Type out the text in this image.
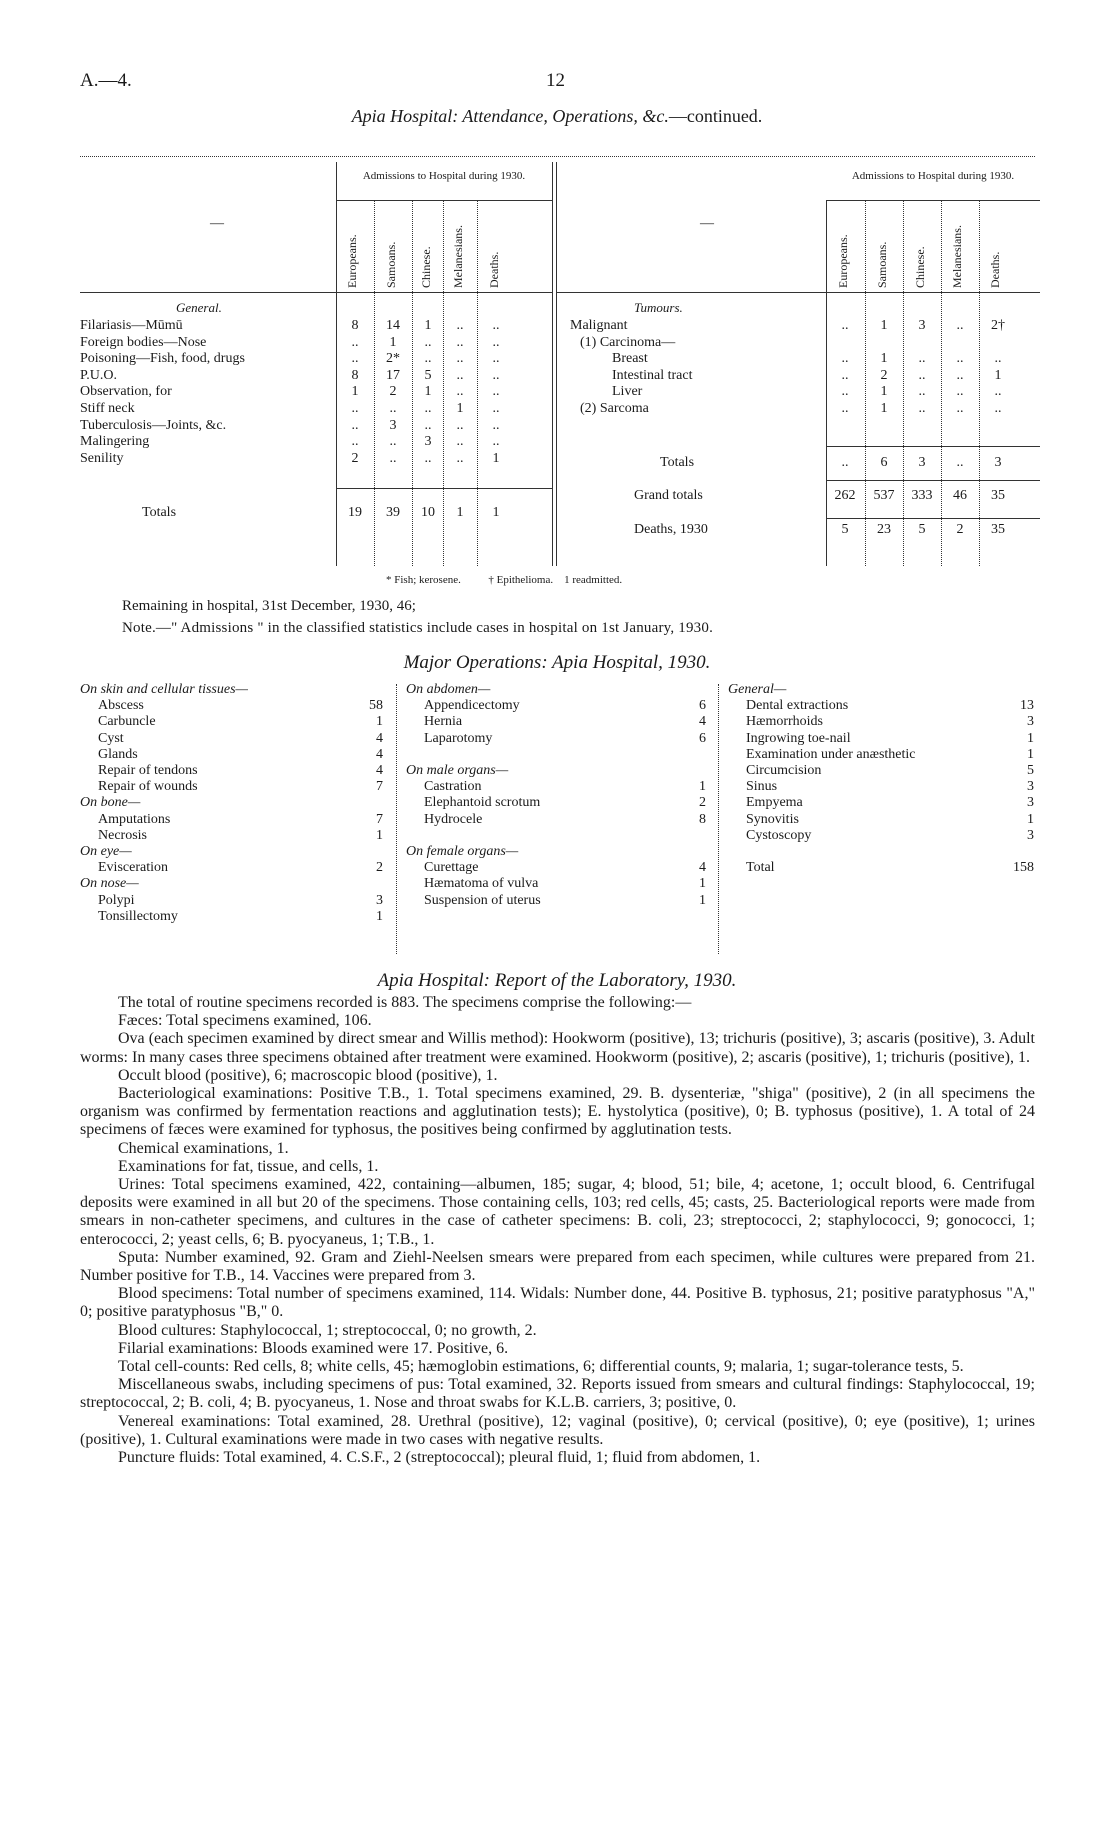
A.—4.	12
Apia Hospital: Attendance, Operations, &c.—continued.
Admissions to Hospital during 1930.
—
Admissions to Hospital during 1930.
—
Europeans. Samoans. Chinese. Melanesians. Deaths.	Europeans. Samoans. Chinese. Melanesians. Deaths.
General.	Tumours.
Filariasis—Mūmū	8	14	1	..	..
Foreign bodies—Nose	..	1	..	..	..
Poisoning—Fish, food, drugs	..	2*	..	..	..
P.U.O.	8	17	5	..	..
Observation, for	1	2	1	..	..
Stiff neck	..	..	..	1	..
Tuberculosis—Joints, &c.	..	3	..	..	..
Malingering	..	..	3	..	..
Senility	2	..	..	..	1
Totals	19	39	10	1	1
Malignant	..	1	3	..	2†
(1) Carcinoma—
Breast	..	1	..	..	..
Intestinal tract	..	2	..	..	1
Liver	..	1	..	..	..
(2) Sarcoma	..	1	..	..	..
Totals	..	6	3	..	3
Grand totals	262 537 333	46	35
Deaths, 1930	5	23	5	2	35
* Fish; kerosene.          † Epithelioma.    1 readmitted.
Remaining in hospital, 31st December, 1930, 46;
Note.—" Admissions " in the classified statistics include cases in hospital on 1st January, 1930.
Major Operations: Apia Hospital, 1930.
On skin and cellular tissues—
Abscess	58
Carbuncle	1
Cyst	4
Glands	4
Repair of tendons	4
Repair of wounds	7
On bone—
Amputations	7
Necrosis	1
On eye—
Evisceration	2
On nose—
Polypi	3
Tonsillectomy	1
On abdomen—
Appendicectomy	6
Hernia	4
Laparotomy	6

On male organs—
Castration	1
Elephantoid scrotum	2
Hydrocele	8

On female organs—
Curettage	4
Hæmatoma of vulva	1
Suspension of uterus	1
General—
Dental extractions	13
Hæmorrhoids	3
Ingrowing toe-nail	1
Examination under anæsthetic	1
Circumcision	5
Sinus	3
Empyema	3
Synovitis	1
Cystoscopy	3

Total	158
Apia Hospital: Report of the Laboratory, 1930.

The total of routine specimens recorded is 883. The specimens comprise the following:—

Fæces: Total specimens examined, 106.

Ova (each specimen examined by direct smear and Willis method): Hookworm (positive), 13; trichuris (positive), 3; ascaris (positive), 3. Adult worms: In many cases three specimens obtained after treatment were examined. Hookworm (positive), 2; ascaris (positive), 1; trichuris (positive), 1.

Occult blood (positive), 6; macroscopic blood (positive), 1.

Bacteriological examinations: Positive T.B., 1. Total specimens examined, 29. B. dysenteriæ, "shiga" (positive), 2 (in all specimens the organism was confirmed by fermentation reactions and agglutination tests); E. hystolytica (positive), 0; B. typhosus (positive), 1. A total of 24 specimens of fæces were examined for typhosus, the positives being confirmed by agglutination tests.

Chemical examinations, 1.

Examinations for fat, tissue, and cells, 1.

Urines: Total specimens examined, 422, containing—albumen, 185; sugar, 4; blood, 51; bile, 4; acetone, 1; occult blood, 6. Centrifugal deposits were examined in all but 20 of the specimens. Those containing cells, 103; red cells, 45; casts, 25. Bacteriological reports were made from smears in non-catheter specimens, and cultures in the case of catheter specimens: B. coli, 23; streptococci, 2; staphylococci, 9; gonococci, 1; enterococci, 2; yeast cells, 6; B. pyocyaneus, 1; T.B., 1.

Sputa: Number examined, 92. Gram and Ziehl-Neelsen smears were prepared from each specimen, while cultures were prepared from 21. Number positive for T.B., 14. Vaccines were prepared from 3.

Blood specimens: Total number of specimens examined, 114. Widals: Number done, 44. Positive B. typhosus, 21; positive paratyphosus "A," 0; positive paratyphosus "B," 0.

Blood cultures: Staphylococcal, 1; streptococcal, 0; no growth, 2.

Filarial examinations: Bloods examined were 17. Positive, 6.

Total cell-counts: Red cells, 8; white cells, 45; hæmoglobin estimations, 6; differential counts, 9; malaria, 1; sugar-tolerance tests, 5.

Miscellaneous swabs, including specimens of pus: Total examined, 32. Reports issued from smears and cultural findings: Staphylococcal, 19; streptococcal, 2; B. coli, 4; B. pyocyaneus, 1. Nose and throat swabs for K.L.B. carriers, 3; positive, 0.

Venereal examinations: Total examined, 28. Urethral (positive), 12; vaginal (positive), 0; cervical (positive), 0; eye (positive), 1; urines (positive), 1. Cultural examinations were made in two cases with negative results.

Puncture fluids: Total examined, 4. C.S.F., 2 (streptococcal); pleural fluid, 1; fluid from abdomen, 1.
